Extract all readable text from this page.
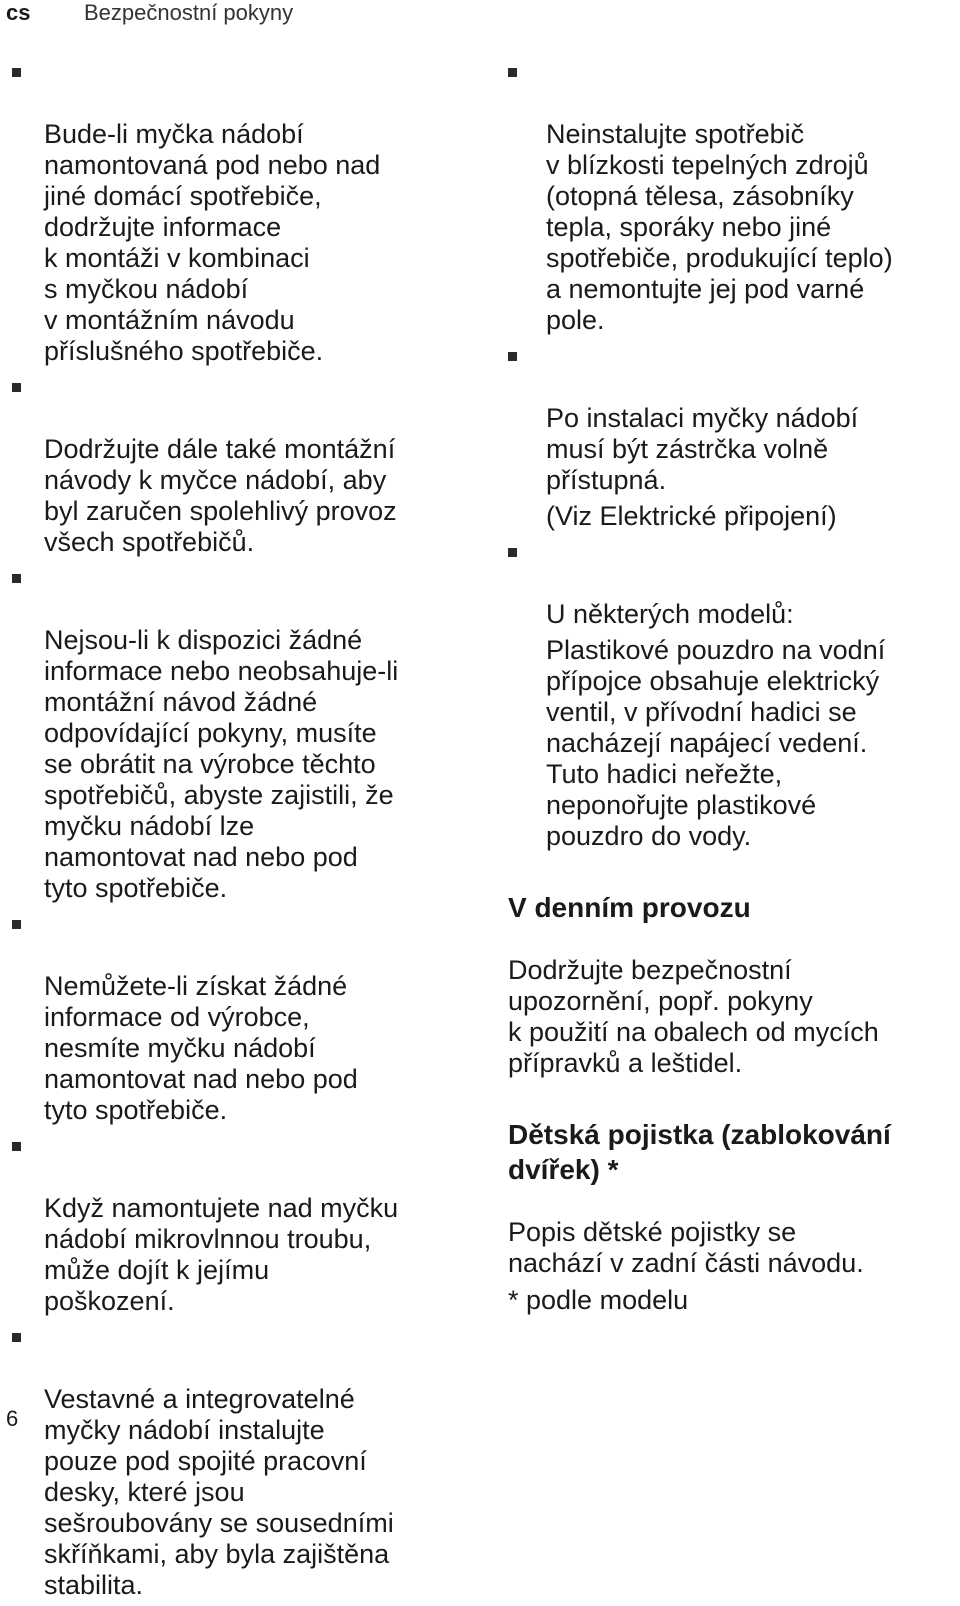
cs Bezpečnostní pokyny

Bude-li myčka nádobí
namontovaná pod nebo nad
jiné domácí spotřebiče,
dodržujte informace
k montáži v kombinaci
s myčkou nádobí
v montážním návodu
příslušného spotřebiče.

Dodržujte dále také montážní
návody k myčce nádobí, aby
byl zaručen spolehlivý provoz
všech spotřebičů.

Nejsou-li k dispozici žádné
informace nebo neobsahuje-li
montážní návod žádné
odpovídající pokyny, musíte
se obrátit na výrobce těchto
spotřebičů, abyste zajistili, že
myčku nádobí lze
namontovat nad nebo pod
tyto spotřebiče.

Nemůžete-li získat žádné
informace od výrobce,
nesmíte myčku nádobí
namontovat nad nebo pod
tyto spotřebiče.

Když namontujete nad myčku
nádobí mikrovlnnou troubu,
může dojít k jejímu
poškození.

Vestavné a integrovatelné
myčky nádobí instalujte
pouze pod spojité pracovní
desky, které jsou
sešroubovány se sousedními
skříňkami, aby byla zajištěna
stabilita.

Neinstalujte spotřebič
v blízkosti tepelných zdrojů
(otopná tělesa, zásobníky
tepla, sporáky nebo jiné
spotřebiče, produkující teplo)
a nemontujte jej pod varné
pole.

Po instalaci myčky nádobí
musí být zástrčka volně
přístupná.

(Viz Elektrické připojení)

U některých modelů:

Plastikové pouzdro na vodní
přípojce obsahuje elektrický
ventil, v přívodní hadici se
nacházejí napájecí vedení.
Tuto hadici neřežte,
neponořujte plastikové
pouzdro do vody.
V denním provozu
Dodržujte bezpečnostní
upozornění, popř. pokyny
k použití na obalech od mycích
přípravků a leštidel.
Dětská pojistka (zablokování
dvířek) *
Popis dětské pojistky se
nachází v zadní části návodu.
* podle modelu
6
